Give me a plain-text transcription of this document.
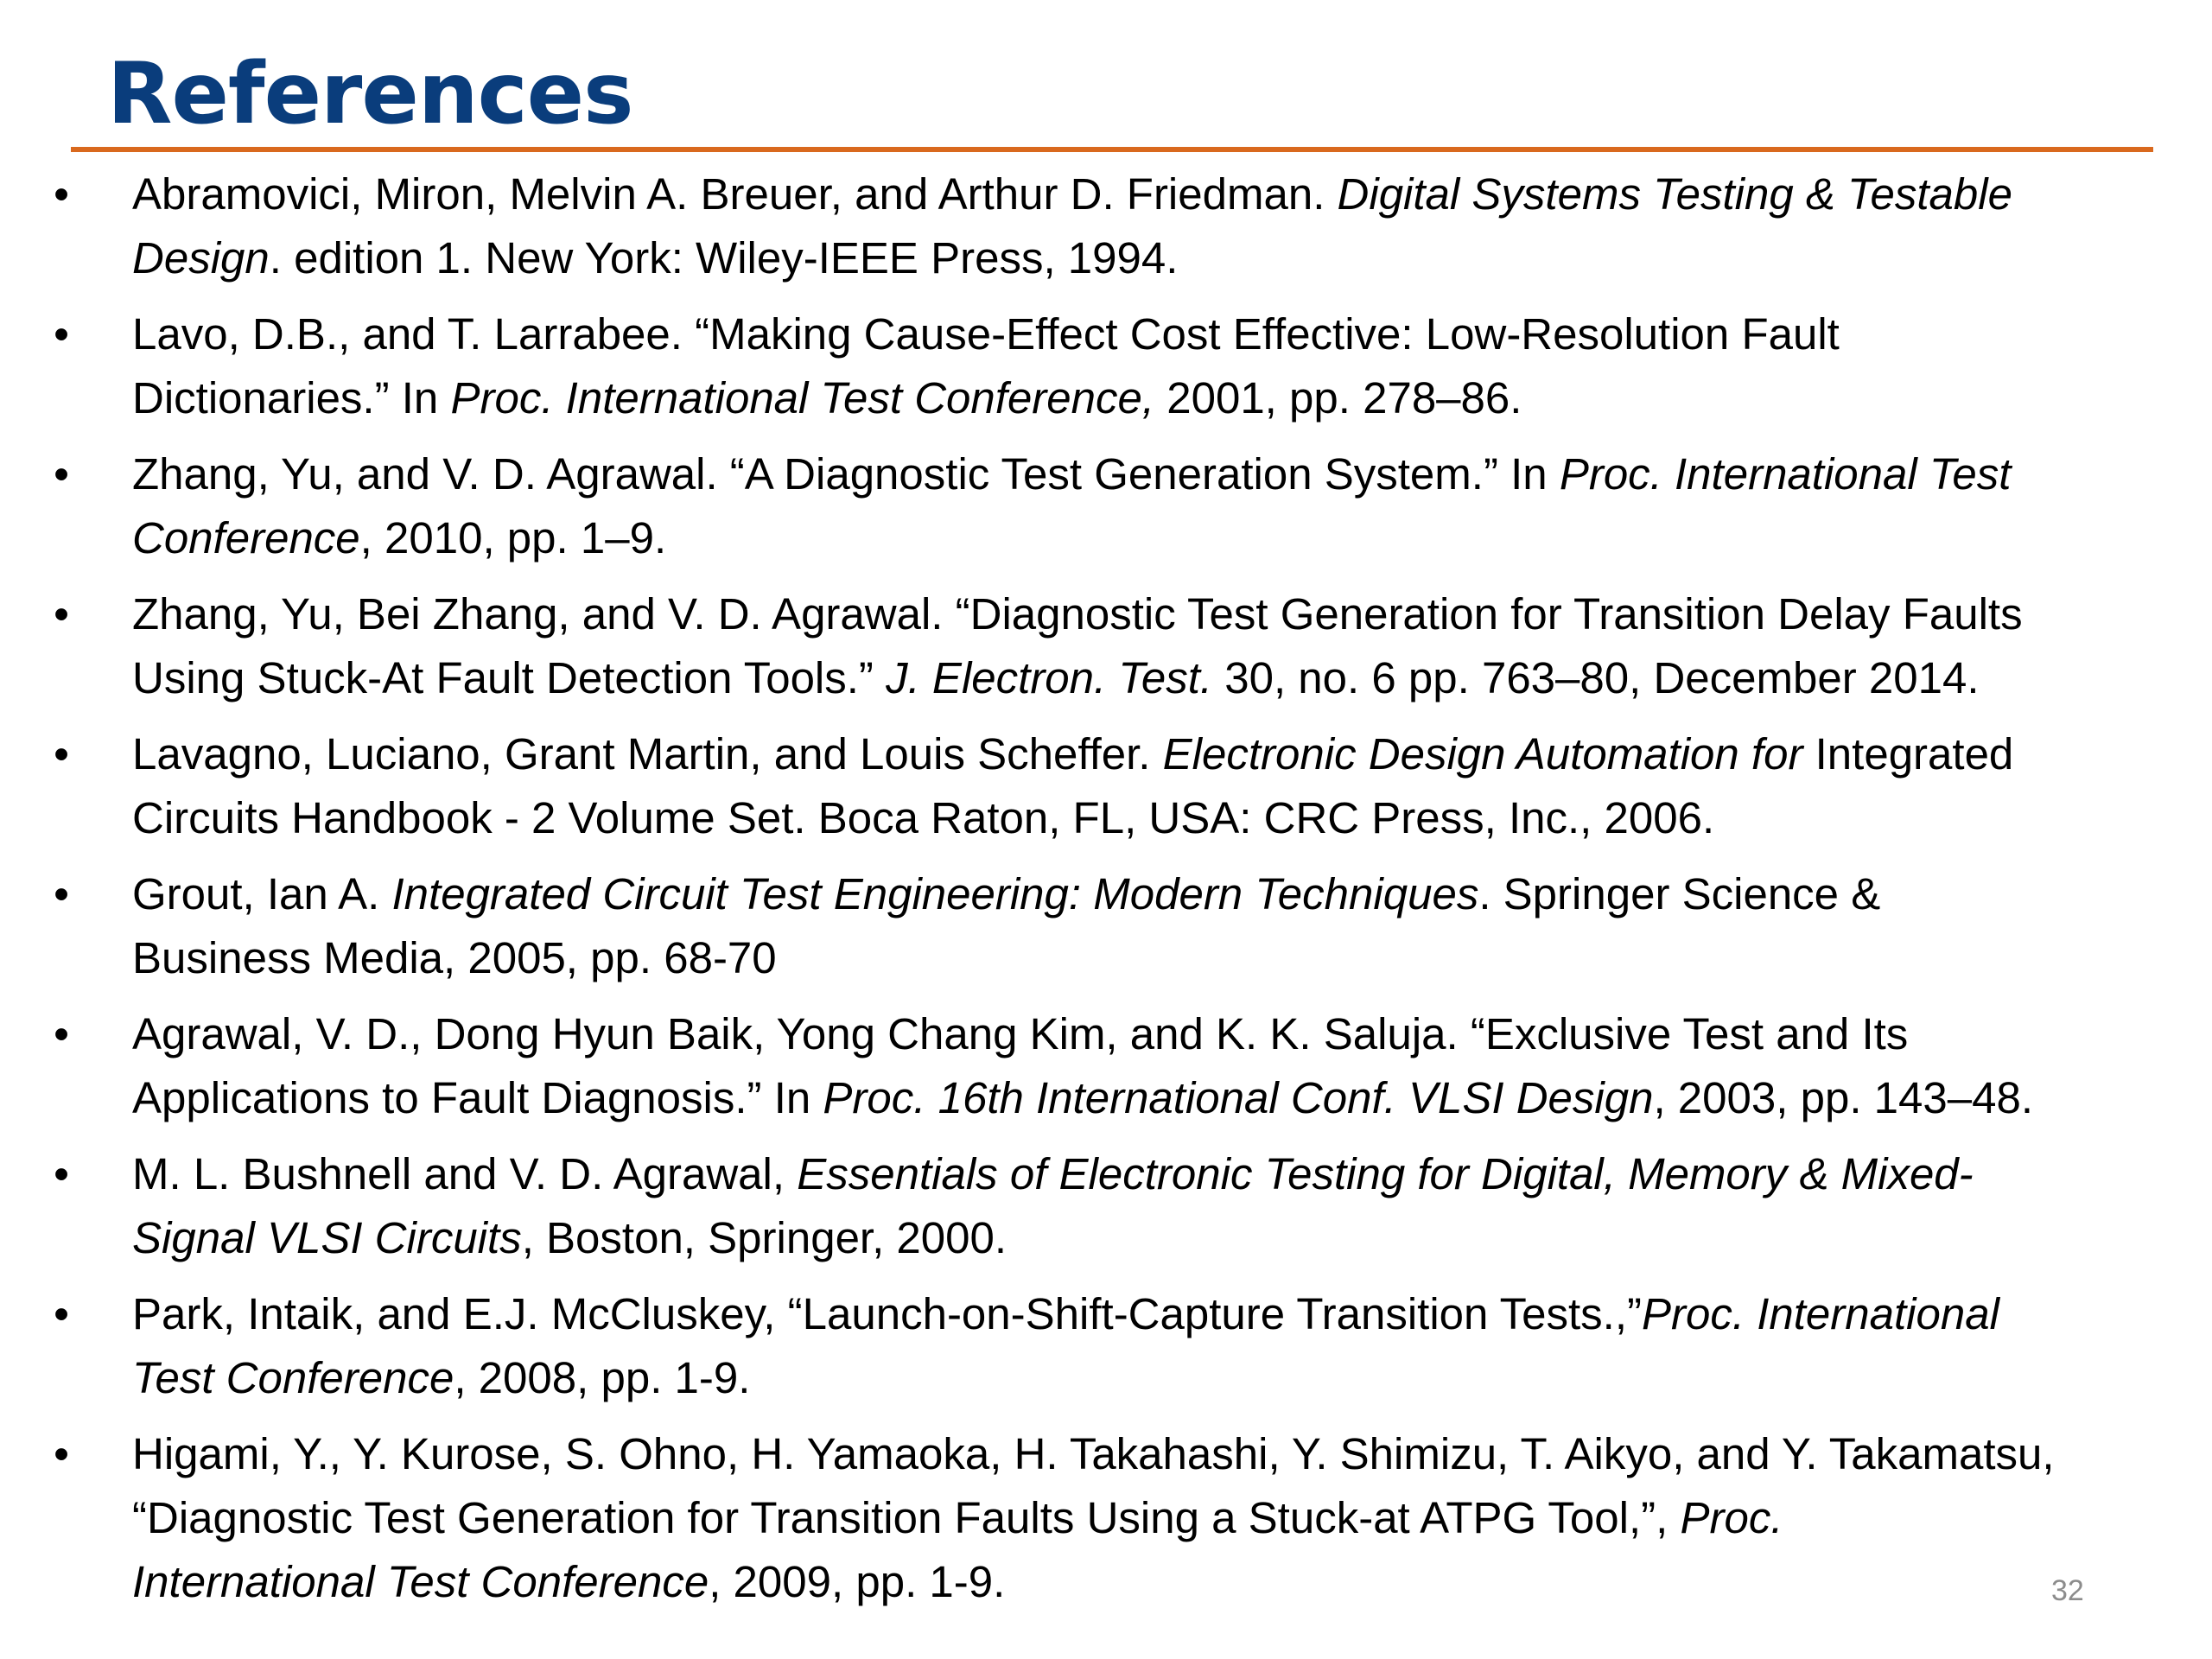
References
• Abramovici, Miron, Melvin A. Breuer, and Arthur D. Friedman. Digital Systems Testing & Testable
Design. edition 1. New York: Wiley-IEEE Press, 1994.
• Lavo, D.B., and T. Larrabee. “Making Cause-Effect Cost Effective: Low-Resolution Fault
Dictionaries.” In Proc. International Test Conference, 2001, pp. 278–86.
• Zhang, Yu, and V. D. Agrawal. “A Diagnostic Test Generation System.” In Proc. International Test
Conference, 2010, pp. 1–9.
• Zhang, Yu, Bei Zhang, and V. D. Agrawal. “Diagnostic Test Generation for Transition Delay Faults
Using Stuck-At Fault Detection Tools.” J. Electron. Test. 30, no. 6 pp. 763–80, December 2014.
• Lavagno, Luciano, Grant Martin, and Louis Scheffer. Electronic Design Automation for Integrated
Circuits Handbook - 2 Volume Set. Boca Raton, FL, USA: CRC Press, Inc., 2006.
• Grout, Ian A. Integrated Circuit Test Engineering: Modern Techniques. Springer Science &
Business Media, 2005, pp. 68-70
• Agrawal, V. D., Dong Hyun Baik, Yong Chang Kim, and K. K. Saluja. “Exclusive Test and Its
Applications to Fault Diagnosis.” In Proc. 16th International Conf. VLSI Design, 2003, pp. 143–48.
• M. L. Bushnell and V. D. Agrawal, Essentials of Electronic Testing for Digital, Memory & Mixed-
Signal VLSI Circuits, Boston, Springer, 2000.
• Park, Intaik, and E.J. McCluskey, “Launch-on-Shift-Capture Transition Tests.,”Proc. International
Test Conference, 2008, pp. 1-9.
• Higami, Y., Y. Kurose, S. Ohno, H. Yamaoka, H. Takahashi, Y. Shimizu, T. Aikyo, and Y. Takamatsu,
“Diagnostic Test Generation for Transition Faults Using a Stuck-at ATPG Tool,”, Proc.
International Test Conference, 2009, pp. 1-9.	32
